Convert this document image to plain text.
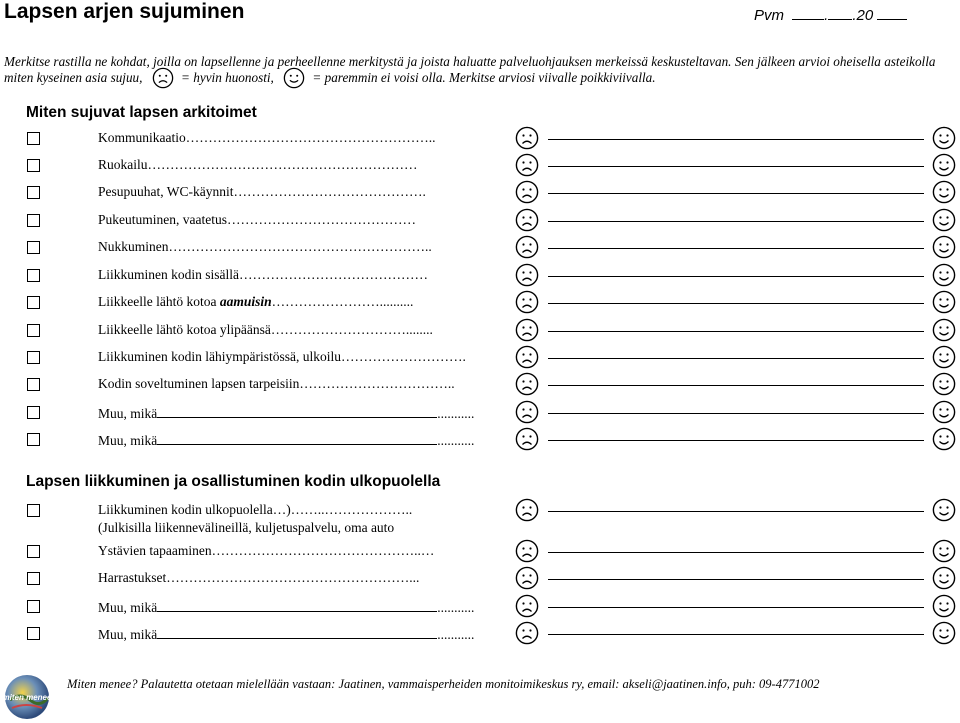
Lapsen arjen sujuminen	Pvm	. .20
Merkitse rastilla ne kohdat, joilla on lapsellenne ja perheellenne merkitystä ja joista haluatte palveluohjauksen merkeissä keskusteltavan. Sen jälkeen arvioi oheisella asteikolla miten kyseinen asia sujuu,	= hyvin huonosti,	= paremmin ei voisi olla. Merkitse arviosi viivalle poikkiviivalla.
Miten sujuvat lapsen arkitoimet
Kommunikaatio………………………………………………..
Ruokailu……………………………………………………
Pesupuuhat, WC-käynnit…………………………………….
Pukeutuminen, vaatetus……………………………………
Nukkuminen…………………………………………………..
Liikkuminen kodin sisällä……………………………………
Liikkeelle lähtö kotoa aamuisin……………………..........
Liikkeelle lähtö kotoa ylipäänsä…………………………........
Liikkuminen kodin lähiympäristössä, ulkoilu……………………….
Kodin soveltuminen lapsen tarpeisiin……………………………..
Muu, mikä	...........
Muu, mikä	...........
Lapsen liikkuminen ja osallistuminen kodin ulkopuolella
Liikkuminen kodin ulkopuolella…)……..………………..
(Julkisilla liikennevälineillä, kuljetuspalvelu, oma auto
Ystävien tapaaminen………………………………………..…
Harrastukset………………………………………………...
Muu, mikä	...........
Muu, mikä	...........
miten menee
Miten menee? Palautetta otetaan mielellään vastaan: Jaatinen, vammaisperheiden monitoimikeskus ry, email: akseli@jaatinen.info, puh: 09-4771002
